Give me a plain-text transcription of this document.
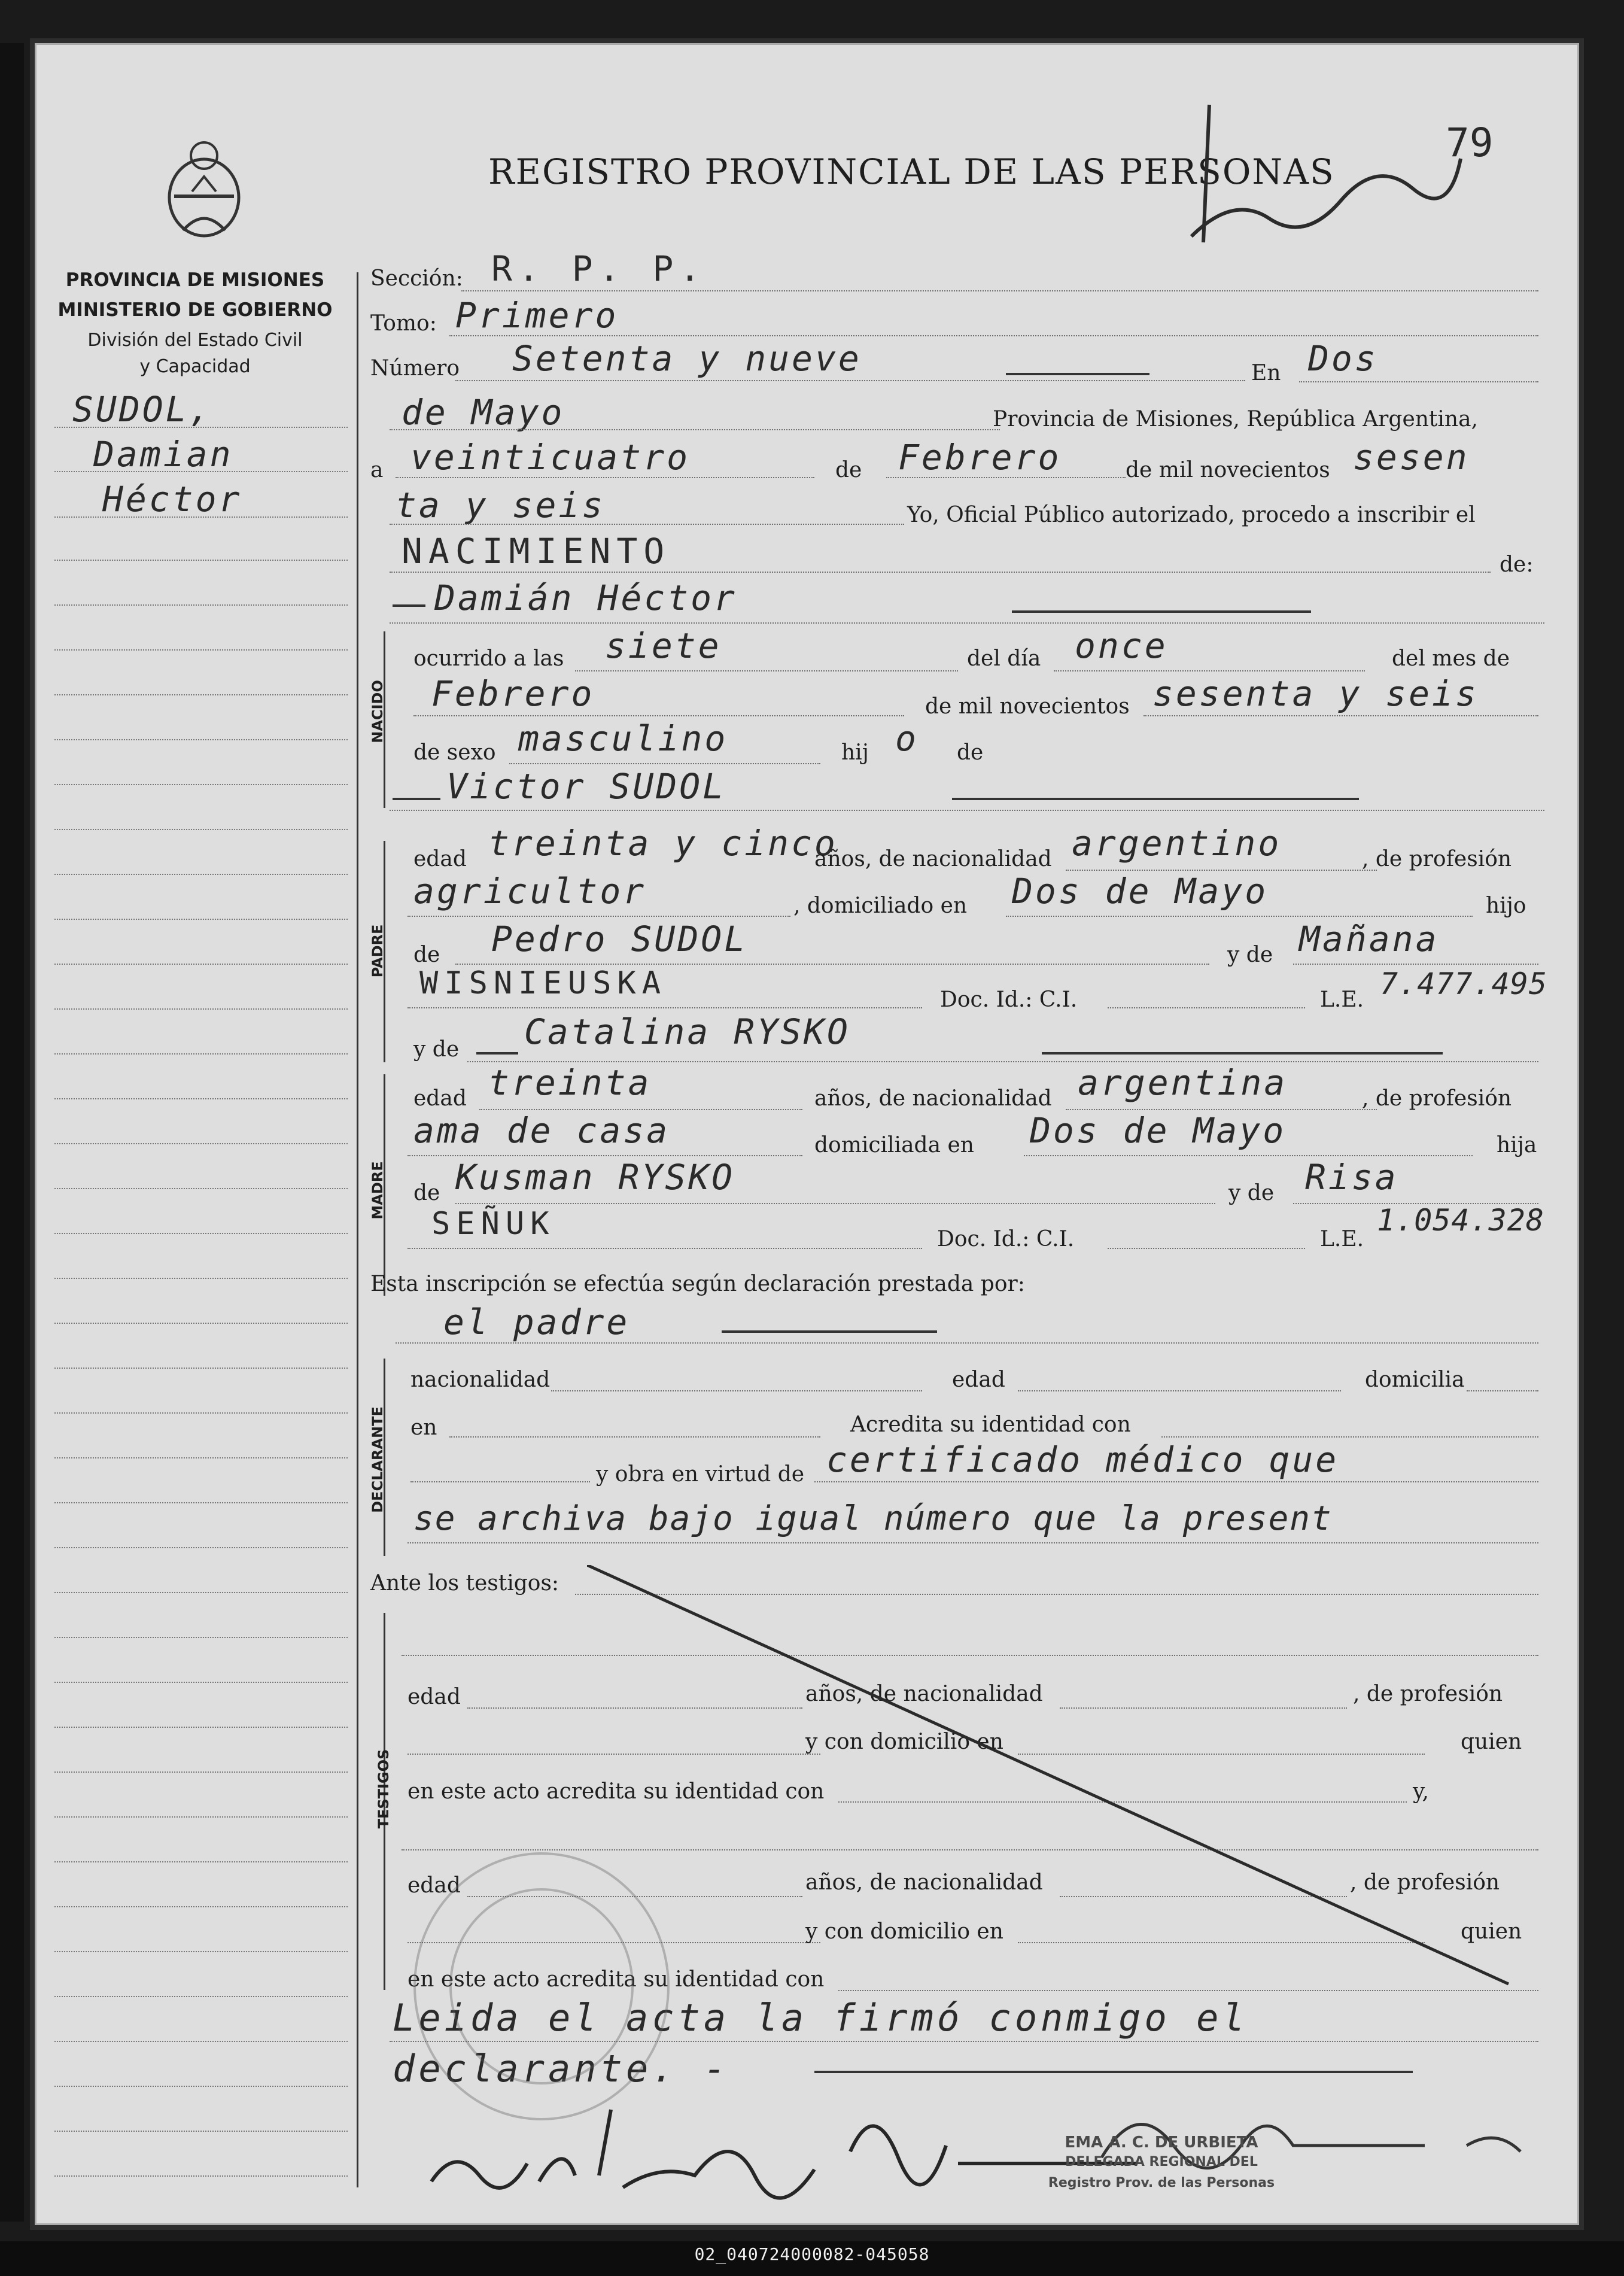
REGISTRO PROVINCIAL DE LAS PERSONAS
79
PROVINCIA DE MISIONES
MINISTERIO DE GOBIERNO
División del Estado Civil
y Capacidad
SUDOL,
Damian
Héctor
Sección: R. P. P.
Tomo: Primero
Número Setenta y nueve	En Dos
de Mayo	Provincia de Misiones, República Argentina,
a veinticuatro	de Febrero	de mil novecientos sesen
ta y seis	Yo, Oficial Público autorizado, procedo a inscribir el
NACIMIENTO	de:
Damián Héctor
NACIDO
ocurrido a las siete	del día once	del mes de
Febrero	de mil novecientos sesenta y seis
de sexo masculino	hij o de
Victor SUDOL
PADRE
edad treinta y cinco
años, de nacionalidad argentino	, de profesión
agricultor	, domiciliado en Dos de Mayo	hijo
de Pedro SUDOL	y de Mañana
WISNIEUSKA	Doc. Id.: C.I.	L.E. 7.477.495
y de Catalina RYSKO
MADRE
edad treinta	años, de nacionalidad argentina	, de profesión
ama de casa	domiciliada en Dos de Mayo	hija
de Kusman RYSKO	y de Risa
SEÑUK	Doc. Id.: C.I.	L.E.
1.054.328
Esta inscripción se efectúa según declaración prestada por:
el padre
DECLARANTE
nacionalidad	edad	domicilia
en	Acredita su identidad con
y obra en virtud de certificado médico que
se archiva bajo igual número que la present
Ante los testigos:
TESTIGOS
edad	años, de nacionalidad	, de profesión
y con domicilio en	quien
en este acto acredita su identidad con	y,
edad	años, de nacionalidad	, de profesión
y con domicilio en	quien
en este acto acredita su identidad con
Leida el acta la firmó conmigo el
declarante. -
EMA A. C. DE URBIETA
DELEGADA REGIONAL DEL
Registro Prov. de las Personas
02_040724000082-045058
